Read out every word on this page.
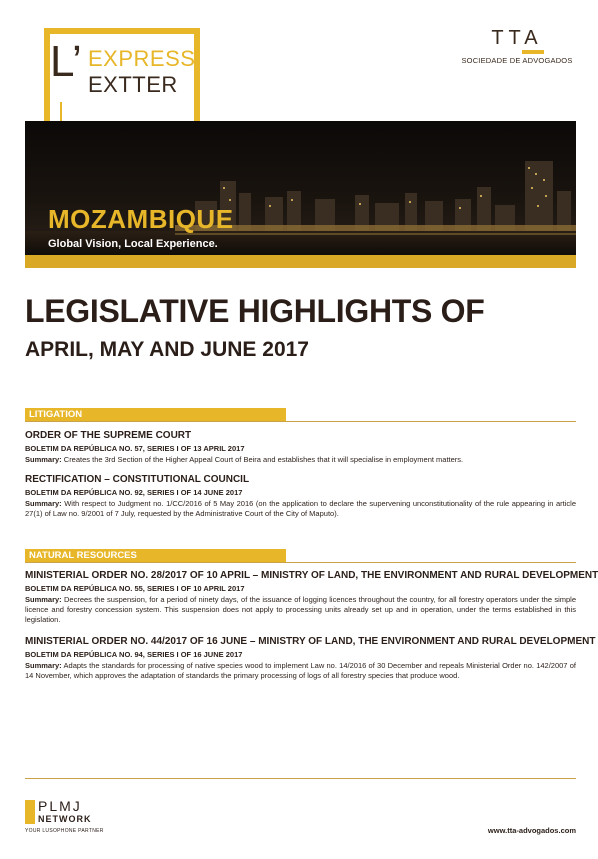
L’ EXPRESS
EXTTER
TTA
SOCIEDADE DE ADVOGADOS
MOZAMBIQUE
Global Vision, Local Experience.
LEGISLATIVE HIGHLIGHTS OF
APRIL, MAY AND JUNE 2017
LITIGATION
ORDER OF THE SUPREME COURT
BOLETIM DA REPÚBLICA NO. 57, SERIES I OF 13 APRIL 2017
Summary: Creates the 3rd Section of the Higher Appeal Court of Beira and establishes that it will specialise in employment matters.
RECTIFICATION – CONSTITUTIONAL COUNCIL
BOLETIM DA REPÚBLICA NO. 92, SERIES I OF 14 JUNE 2017
Summary: With respect to Judgment no. 1/CC/2016 of 5 May 2016 (on the application to declare the supervening unconstitutionality of the rule appearing in article 27(1) of Law no. 9/2001 of 7 July, requested by the Administrative Court of the City of Maputo).
NATURAL RESOURCES
MINISTERIAL ORDER NO. 28/2017 OF 10 APRIL – MINISTRY OF LAND, THE ENVIRONMENT AND RURAL DEVELOPMENT
BOLETIM DA REPÚBLICA NO. 55, SERIES I OF 10 APRIL 2017
Summary: Decrees the suspension, for a period of ninety days, of the issuance of logging licences throughout the country, for all forestry operators under the simple licence and forestry concession system. This suspension does not apply to processing units already set up and in operation, under the terms established in this legislation.
MINISTERIAL ORDER NO. 44/2017 OF 16 JUNE – MINISTRY OF LAND, THE ENVIRONMENT AND RURAL DEVELOPMENT
BOLETIM DA REPÚBLICA NO. 94, SERIES I OF 16 JUNE 2017
Summary: Adapts the standards for processing of native species wood to implement Law no. 14/2016 of 30 December and repeals Ministerial Order no. 142/2007 of 14 November, which approves the adaptation of standards the primary processing of logs of all forestry species that produce wood.
PLMJ
NETWORK
YOUR LUSOPHONE PARTNER	www.tta-advogados.com
